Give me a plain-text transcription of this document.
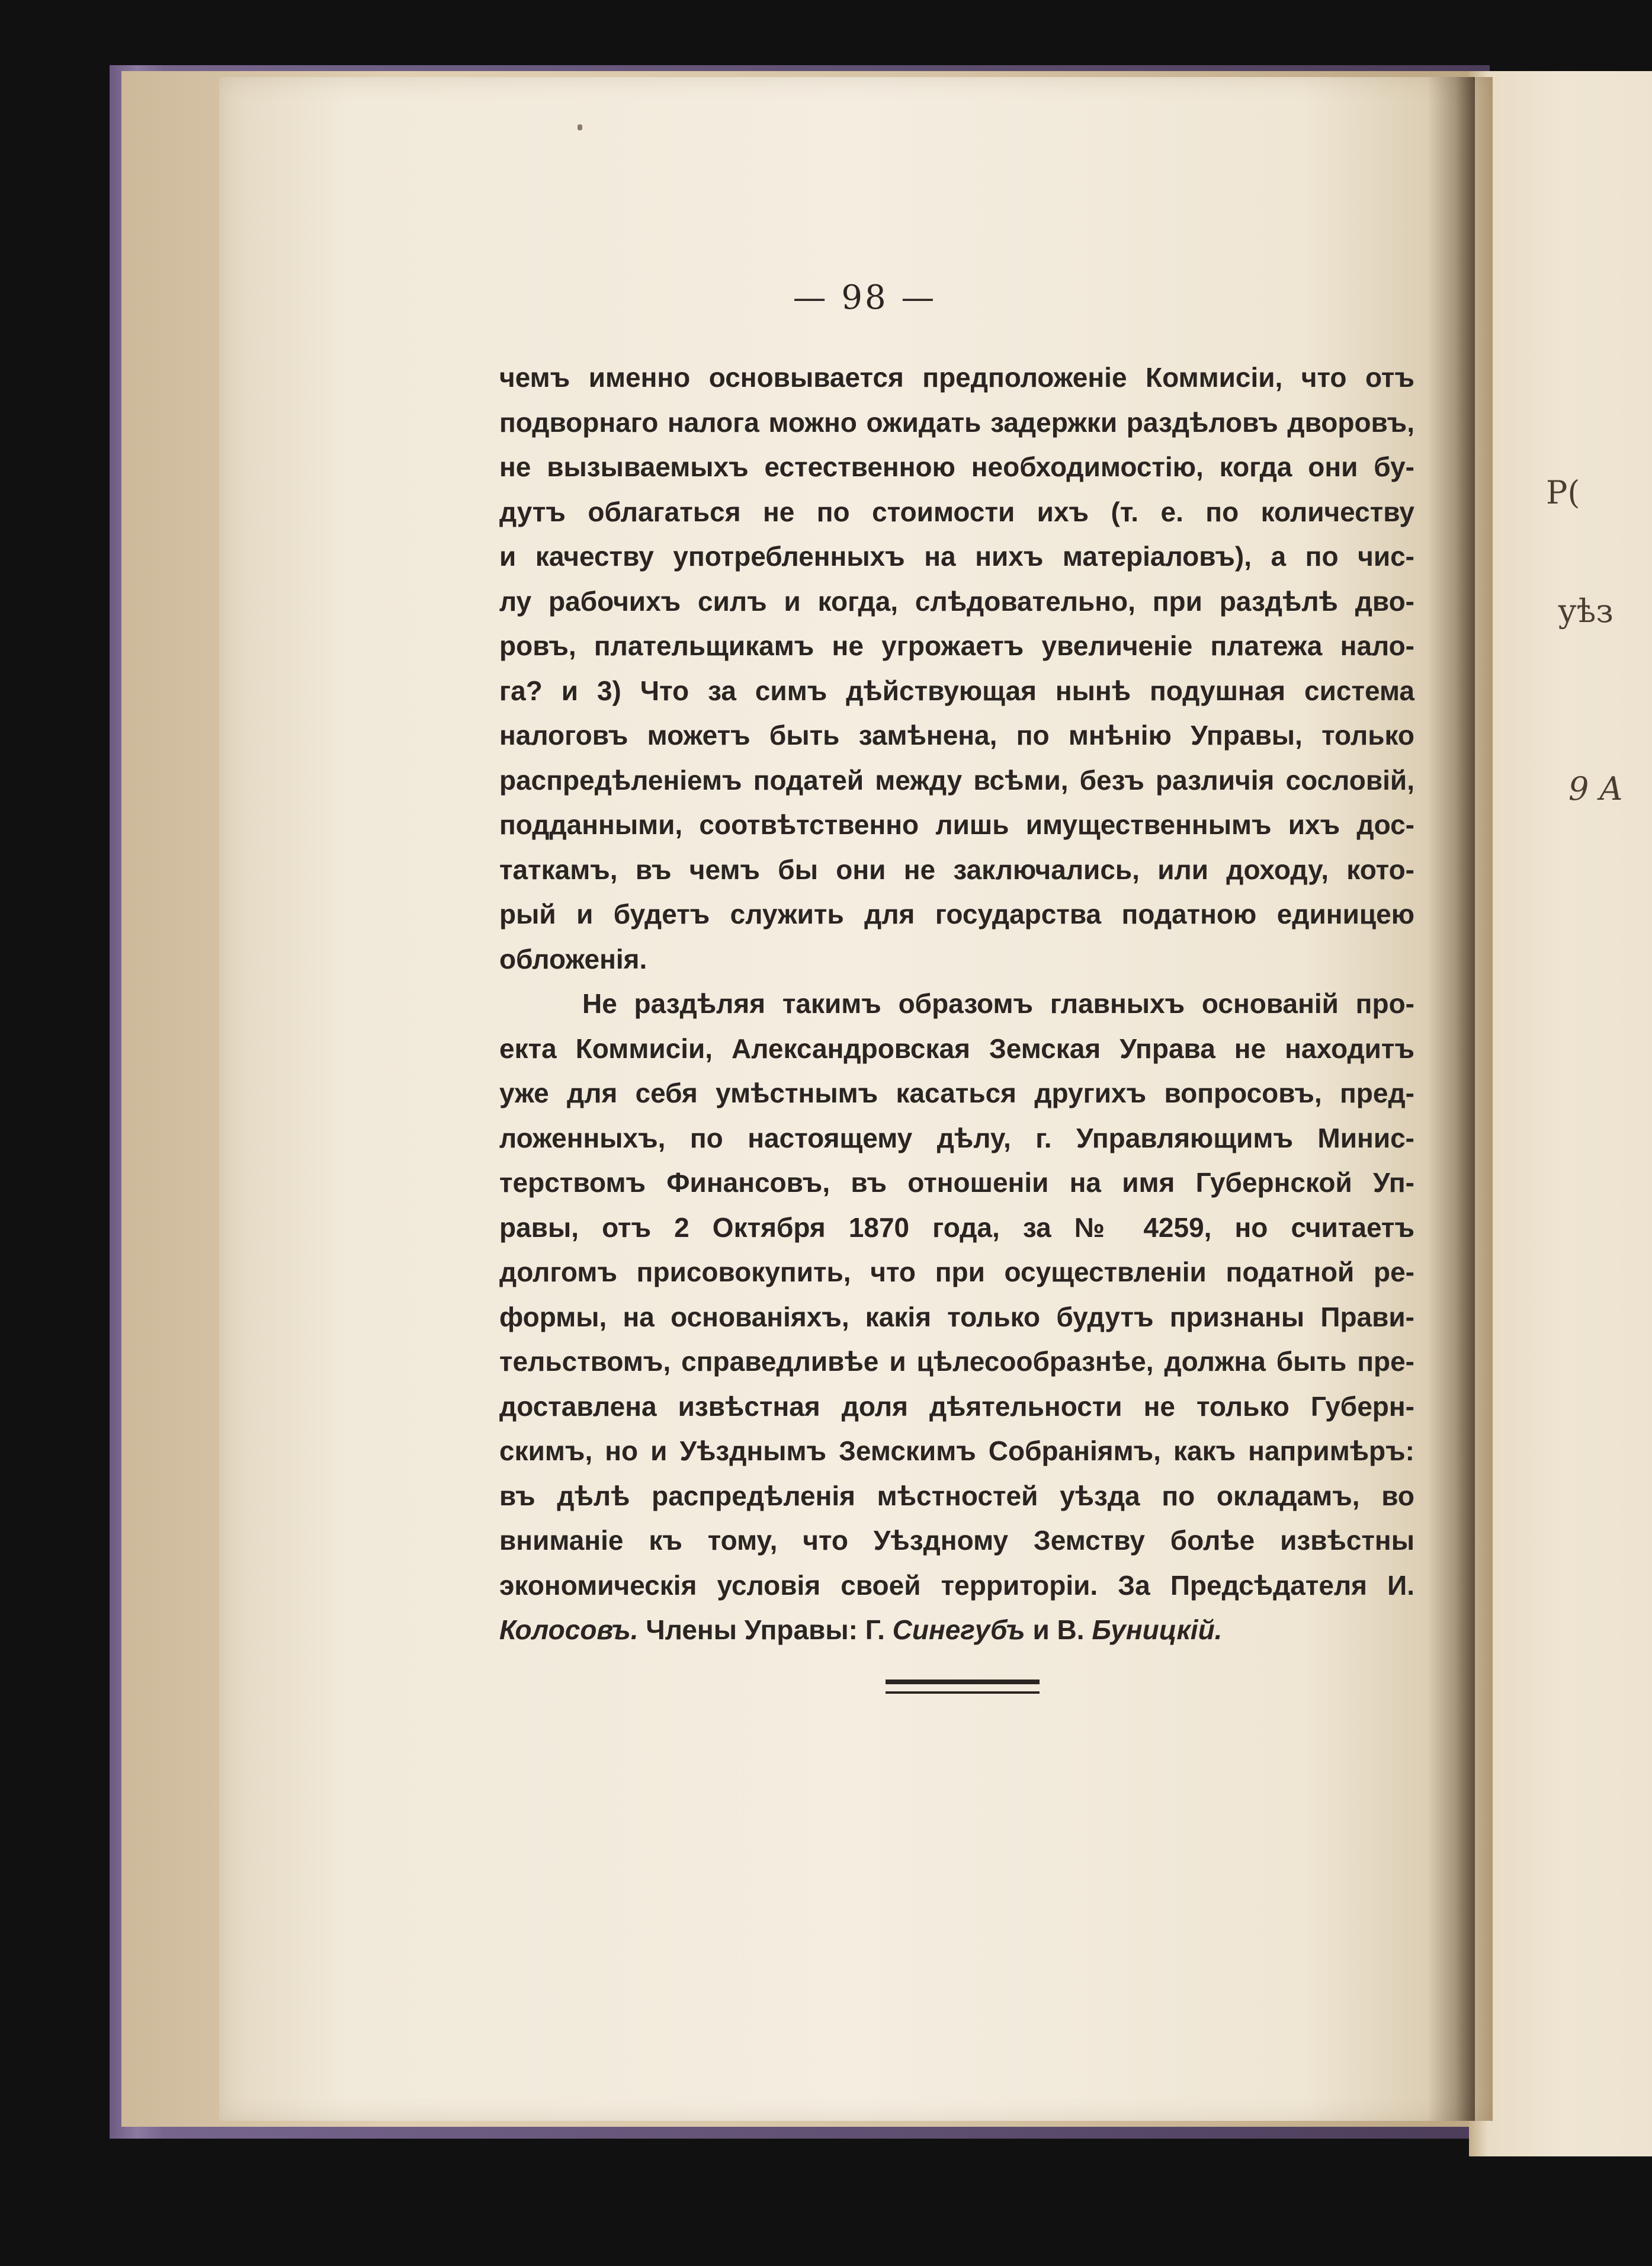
Р(
уѣз
9 А
— 98 —
чемъ именно основывается предположеніе Коммисіи, что отъ
подворнаго налога можно ожидать задержки раздѣловъ дворовъ,
не вызываемыхъ естественною необходимостію, когда они бу-
дутъ облагаться не по стоимости ихъ (т. е. по количеству
и качеству употребленныхъ на нихъ матеріаловъ), а по чис-
лу рабочихъ силъ и когда, слѣдовательно, при раздѣлѣ дво-
ровъ, плательщикамъ не угрожаетъ увеличеніе платежа нало-
га? и 3) Что за симъ дѣйствующая нынѣ подушная система
налоговъ можетъ быть замѣнена, по мнѣнію Управы, только
распредѣленіемъ податей между всѣми, безъ различія сословій,
подданными, соотвѣтственно лишь имущественнымъ ихъ дос-
таткамъ, въ чемъ бы они не заключались, или доходу, кото-
рый и будетъ служить для государства податною единицею
обложенія.
Не раздѣляя такимъ образомъ главныхъ основаній про-
екта Коммисіи, Александровская Земская Управа не находитъ
уже для себя умѣстнымъ касаться другихъ вопросовъ, пред-
ложенныхъ, по настоящему дѣлу, г. Управляющимъ Минис-
терствомъ Финансовъ, въ отношеніи на имя Губернской Уп-
равы, отъ 2 Октября 1870 года, за № 4259, но считаетъ
долгомъ присовокупить, что при осуществленіи податной ре-
формы, на основаніяхъ, какія только будутъ признаны Прави-
тельствомъ, справедливѣе и цѣлесообразнѣе, должна быть пре-
доставлена извѣстная доля дѣятельности не только Губерн-
скимъ, но и Уѣзднымъ Земскимъ Собраніямъ, какъ напримѣръ:
въ дѣлѣ распредѣленія мѣстностей уѣзда по окладамъ, во
вниманіе къ тому, что Уѣздному Земству болѣе извѣстны
экономическія условія своей территоріи. За Предсѣдателя И.
Колосовъ. Члены Управы: Г. Синегубъ и В. Буницкій.
